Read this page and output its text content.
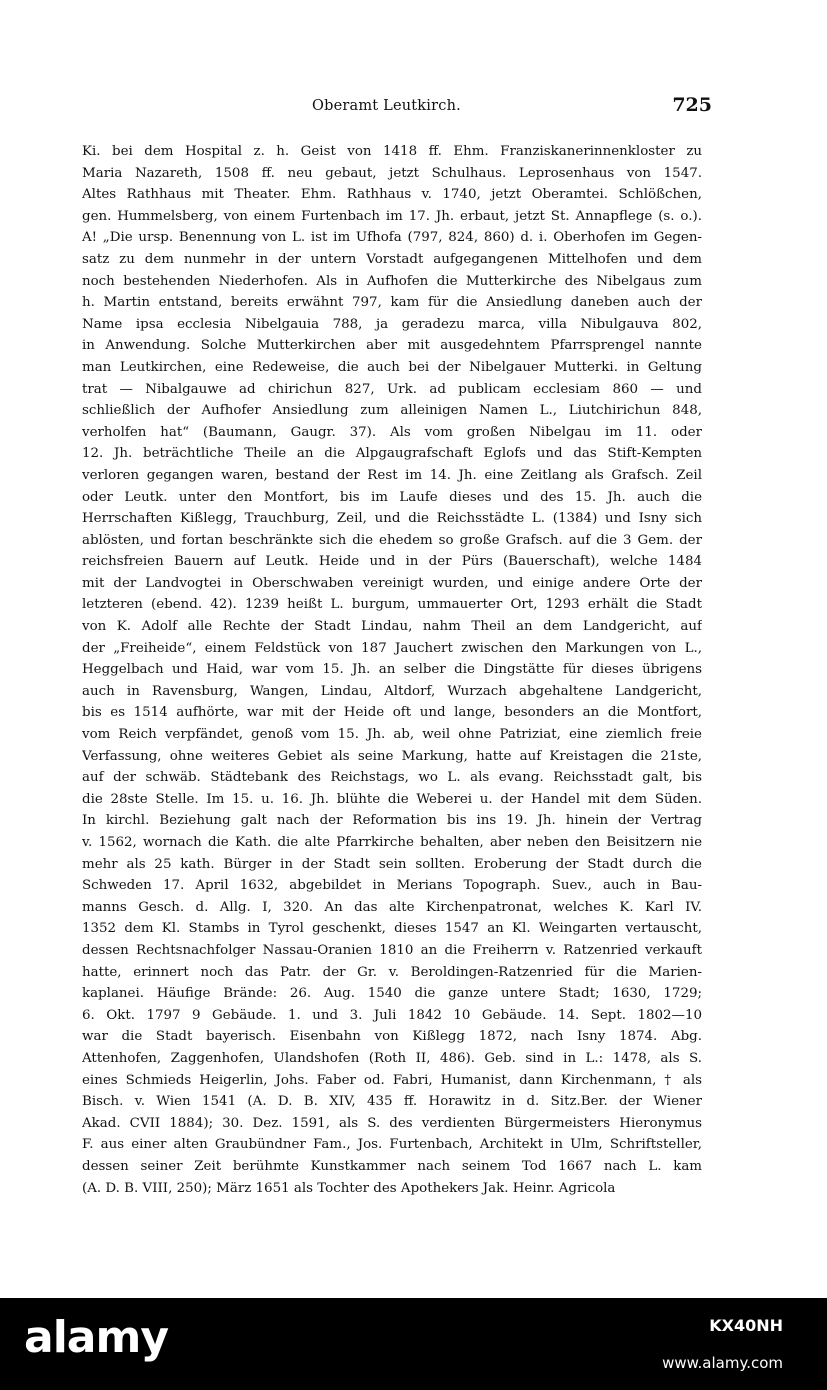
Oberamt Leutkirch.	725
Ki. bei dem Hospital z. h. Geist von 1418 ff. Ehm. Franziskanerinnenkloster zu
Maria Nazareth, 1508 ff. neu gebaut, jetzt Schulhaus. Leprosenhaus von 1547.
Altes Rathhaus mit Theater. Ehm. Rathhaus v. 1740, jetzt Oberamtei. Schlößchen,
gen. Hummelsberg, von einem Furtenbach im 17. Jh. erbaut, jetzt St. Annapflege (s. o.).
A! „Die ursp. Benennung von L. ist im Ufhofa (797, 824, 860) d. i. Oberhofen im Gegen-
satz zu dem nunmehr in der untern Vorstadt aufgegangenen Mittelhofen und dem
noch bestehenden Niederhofen. Als in Aufhofen die Mutterkirche des Nibelgaus zum
h. Martin entstand, bereits erwähnt 797, kam für die Ansiedlung daneben auch der
Name ipsa ecclesia Nibelgauia 788, ja geradezu marca, villa Nibulgauva 802,
in Anwendung. Solche Mutterkirchen aber mit ausgedehntem Pfarrsprengel nannte
man Leutkirchen, eine Redeweise, die auch bei der Nibelgauer Mutterki. in Geltung
trat — Nibalgauwe ad chirichun 827, Urk. ad publicam ecclesiam 860 — und
schließlich der Aufhofer Ansiedlung zum alleinigen Namen L., Liutchirichun 848,
verholfen hat“ (Baumann, Gaugr. 37). Als vom großen Nibelgau im 11. oder
12. Jh. beträchtliche Theile an die Alpgaugrafschaft Eglofs und das Stift-Kempten
verloren gegangen waren, bestand der Rest im 14. Jh. eine Zeitlang als Grafsch. Zeil
oder Leutk. unter den Montfort, bis im Laufe dieses und des 15. Jh. auch die
Herrschaften Kißlegg, Trauchburg, Zeil, und die Reichsstädte L. (1384) und Isny sich
ablösten, und fortan beschränkte sich die ehedem so große Grafsch. auf die 3 Gem. der
reichsfreien Bauern auf Leutk. Heide und in der Pürs (Bauerschaft), welche 1484
mit der Landvogtei in Oberschwaben vereinigt wurden, und einige andere Orte der
letzteren (ebend. 42). 1239 heißt L. burgum, ummauerter Ort, 1293 erhält die Stadt
von K. Adolf alle Rechte der Stadt Lindau, nahm Theil an dem Landgericht, auf
der „Freiheide“, einem Feldstück von 187 Jauchert zwischen den Markungen von L.,
Heggelbach und Haid, war vom 15. Jh. an selber die Dingstätte für dieses übrigens
auch in Ravensburg, Wangen, Lindau, Altdorf, Wurzach abgehaltene Landgericht,
bis es 1514 aufhörte, war mit der Heide oft und lange, besonders an die Montfort,
vom Reich verpfändet, genoß vom 15. Jh. ab, weil ohne Patriziat, eine ziemlich freie
Verfassung, ohne weiteres Gebiet als seine Markung, hatte auf Kreistagen die 21ste,
auf der schwäb. Städtebank des Reichstags, wo L. als evang. Reichsstadt galt, bis
die 28ste Stelle. Im 15. u. 16. Jh. blühte die Weberei u. der Handel mit dem Süden.
In kirchl. Beziehung galt nach der Reformation bis ins 19. Jh. hinein der Vertrag
v. 1562, wornach die Kath. die alte Pfarrkirche behalten, aber neben den Beisitzern nie
mehr als 25 kath. Bürger in der Stadt sein sollten. Eroberung der Stadt durch die
Schweden 17. April 1632, abgebildet in Merians Topograph. Suev., auch in Bau-
manns Gesch. d. Allg. I, 320. An das alte Kirchenpatronat, welches K. Karl IV.
1352 dem Kl. Stambs in Tyrol geschenkt, dieses 1547 an Kl. Weingarten vertauscht,
dessen Rechtsnachfolger Nassau-Oranien 1810 an die Freiherrn v. Ratzenried verkauft
hatte, erinnert noch das Patr. der Gr. v. Beroldingen-Ratzenried für die Marien-
kaplanei. Häufige Brände: 26. Aug. 1540 die ganze untere Stadt; 1630, 1729;
6. Okt. 1797 9 Gebäude. 1. und 3. Juli 1842 10 Gebäude. 14. Sept. 1802—10
war die Stadt bayerisch. Eisenbahn von Kißlegg 1872, nach Isny 1874. Abg.
Attenhofen, Zaggenhofen, Ulandshofen (Roth II, 486). Geb. sind in L.: 1478, als S.
eines Schmieds Heigerlin, Johs. Faber od. Fabri, Humanist, dann Kirchenmann, † als
Bisch. v. Wien 1541 (A. D. B. XIV, 435 ff. Horawitz in d. Sitz.Ber. der Wiener
Akad. CVII 1884); 30. Dez. 1591, als S. des verdienten Bürgermeisters Hieronymus
F. aus einer alten Graubündner Fam., Jos. Furtenbach, Architekt in Ulm, Schriftsteller,
dessen seiner Zeit berühmte Kunstkammer nach seinem Tod 1667 nach L. kam
(A. D. B. VIII, 250); März 1651 als Tochter des Apothekers Jak. Heinr. Agricola
alamy	KX40NH
www.alamy.com
